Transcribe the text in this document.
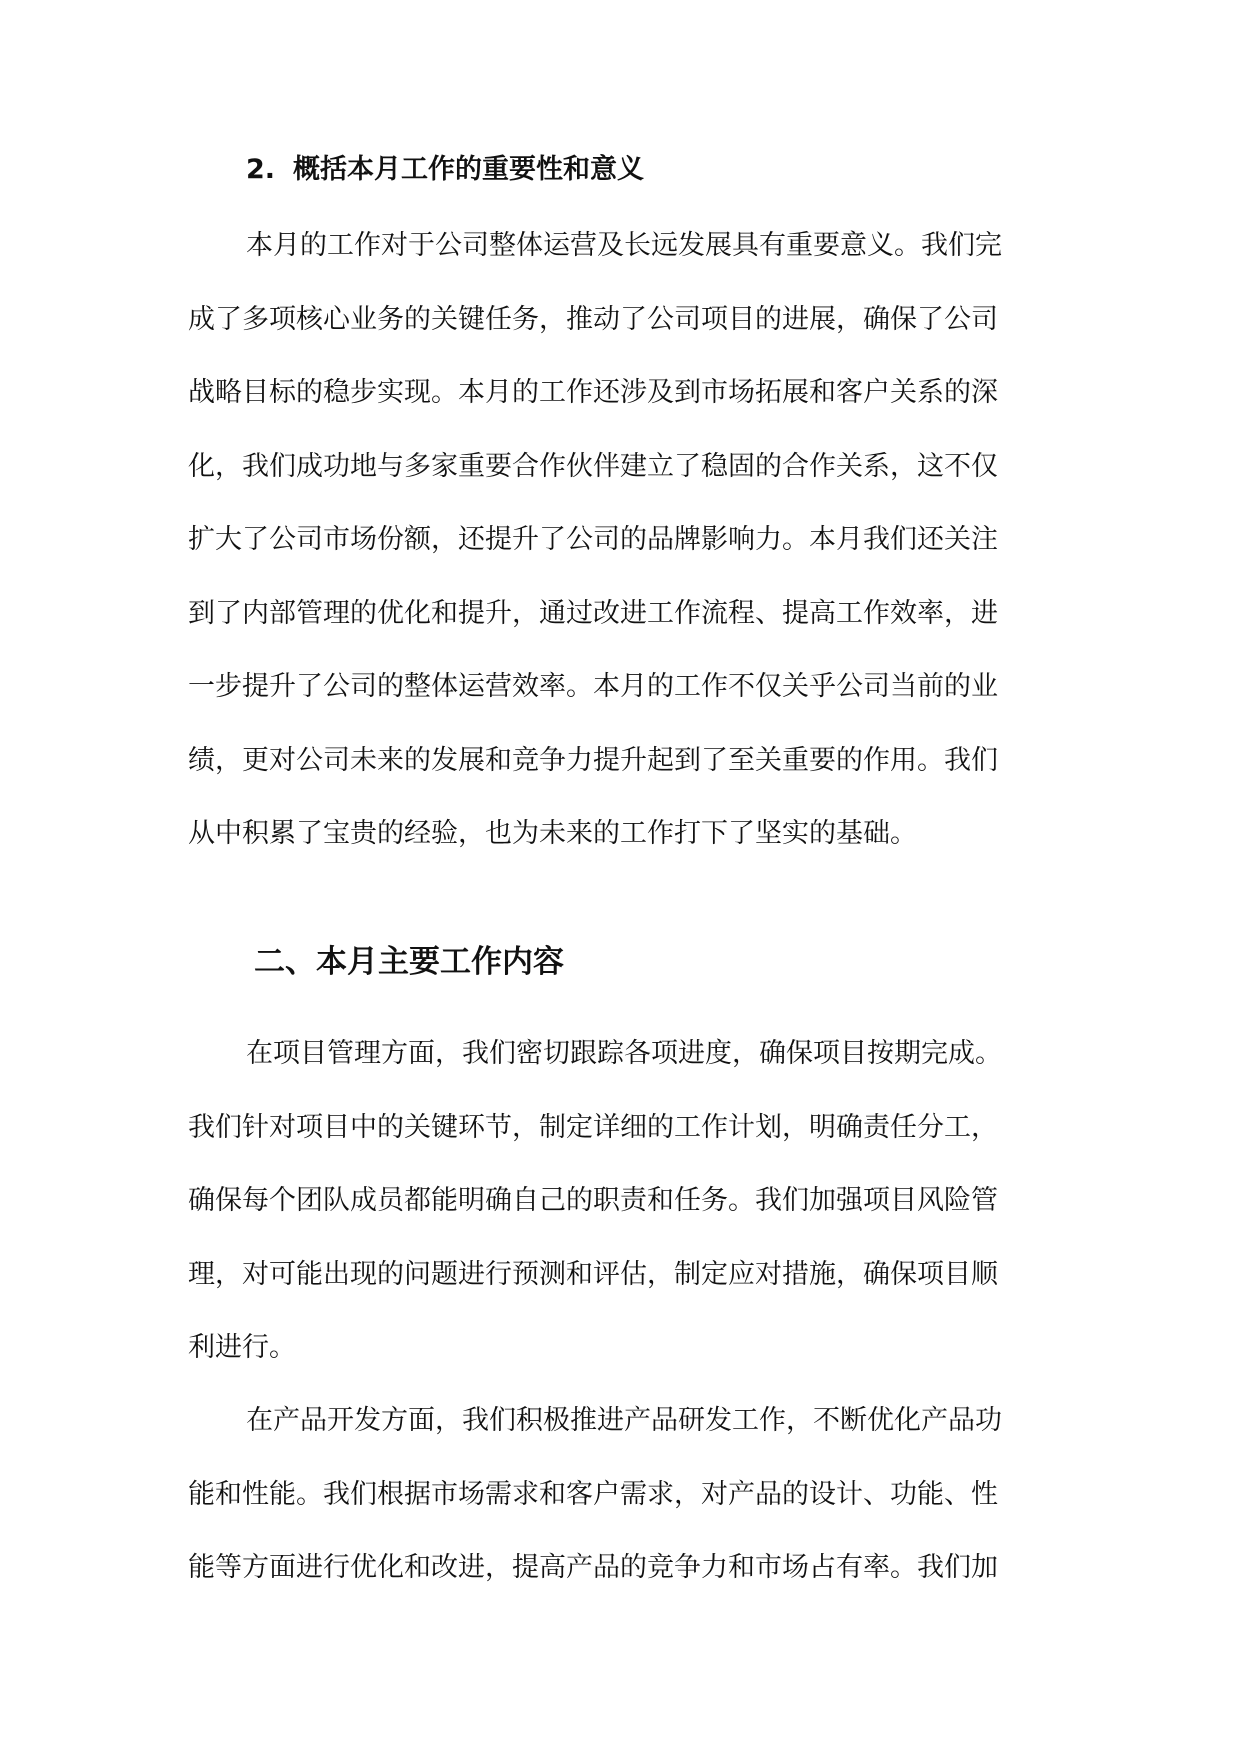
2. 概括本月工作的重要性和意义
本月的工作对于公司整体运营及长远发展具有重要意义。我们完
成了多项核心业务的关键任务，推动了公司项目的进展，确保了公司
战略目标的稳步实现。本月的工作还涉及到市场拓展和客户关系的深
化，我们成功地与多家重要合作伙伴建立了稳固的合作关系，这不仅
扩大了公司市场份额，还提升了公司的品牌影响力。本月我们还关注
到了内部管理的优化和提升，通过改进工作流程、提高工作效率，进
一步提升了公司的整体运营效率。本月的工作不仅关乎公司当前的业
绩，更对公司未来的发展和竞争力提升起到了至关重要的作用。我们
从中积累了宝贵的经验，也为未来的工作打下了坚实的基础。
二、本月主要工作内容
在项目管理方面，我们密切跟踪各项进度，确保项目按期完成。
我们针对项目中的关键环节，制定详细的工作计划，明确责任分工，
确保每个团队成员都能明确自己的职责和任务。我们加强项目风险管
理，对可能出现的问题进行预测和评估，制定应对措施，确保项目顺
利进行。
在产品开发方面，我们积极推进产品研发工作，不断优化产品功
能和性能。我们根据市场需求和客户需求，对产品的设计、功能、性
能等方面进行优化和改进，提高产品的竞争力和市场占有率。我们加
